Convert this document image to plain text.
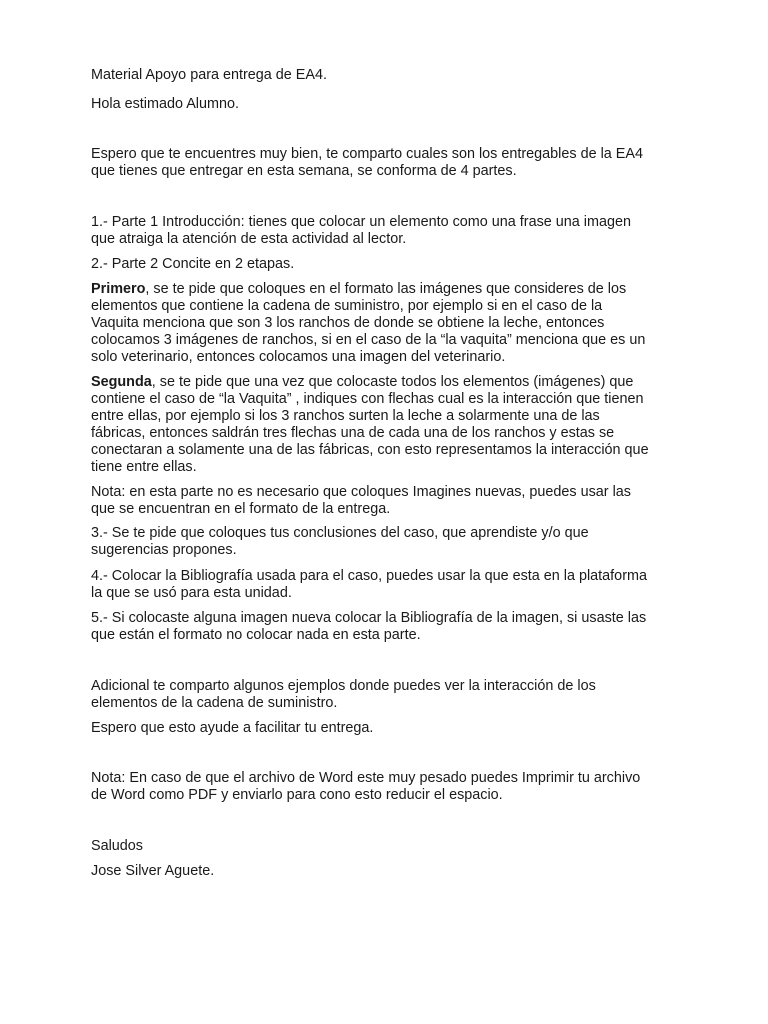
Material Apoyo para entrega de EA4.
Hola estimado Alumno.
Espero que te encuentres muy bien, te comparto cuales son los entregables de la EA4
que tienes que entregar en esta semana, se conforma de 4 partes.
1.- Parte 1 Introducción: tienes que colocar un elemento como una frase una imagen
que atraiga la atención de esta actividad al lector.
2.- Parte 2 Concite en 2 etapas.
Primero, se te pide que coloques en el formato las imágenes que consideres de los
elementos que contiene la cadena de suministro, por ejemplo si en el caso de la
Vaquita menciona que son 3 los ranchos de donde se obtiene la leche, entonces
colocamos 3 imágenes de ranchos, si en el caso de la “la vaquita” menciona que es un
solo veterinario, entonces colocamos una imagen del veterinario.
Segunda, se te pide que una vez que colocaste todos los elementos (imágenes) que
contiene el caso de “la Vaquita” , indiques con flechas cual es la interacción que tienen
entre ellas, por ejemplo si los 3 ranchos surten la leche a solarmente una de las
fábricas, entonces saldrán tres flechas una de cada una de los ranchos y estas se
conectaran a solamente una de las fábricas, con esto representamos la interacción que
tiene entre ellas.
Nota: en esta parte no es necesario que coloques Imagines nuevas, puedes usar las
que se encuentran en el formato de la entrega.
3.- Se te pide que coloques tus conclusiones del caso, que aprendiste y/o que
sugerencias propones.
4.- Colocar la Bibliografía usada para el caso, puedes usar la que esta en la plataforma
la que se usó para esta unidad.
5.- Si colocaste alguna imagen nueva colocar la Bibliografía de la imagen, si usaste las
que están el formato no colocar nada en esta parte.
Adicional te comparto algunos ejemplos donde puedes ver la interacción de los
elementos de la cadena de suministro.
Espero que esto ayude a facilitar tu entrega.
Nota: En caso de que el archivo de Word este muy pesado puedes Imprimir tu archivo
de Word como PDF y enviarlo para cono esto reducir el espacio.
Saludos
Jose Silver Aguete.
